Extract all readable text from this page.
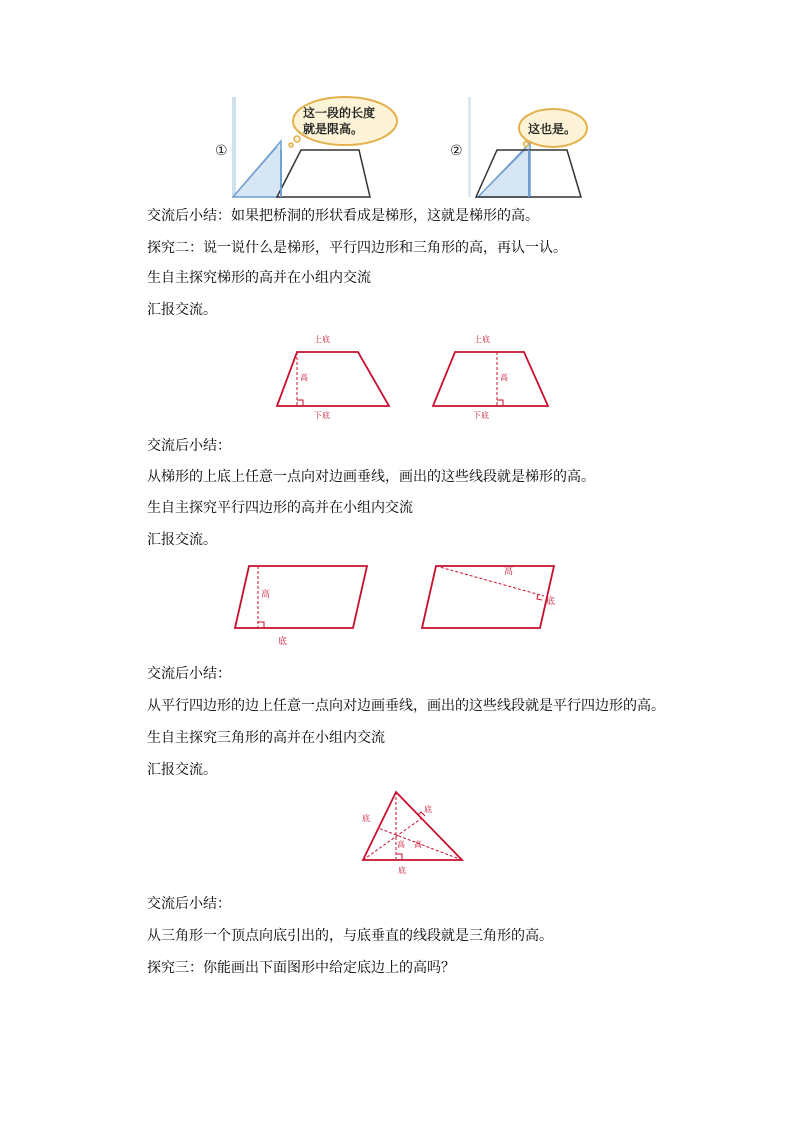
①
这一段的长度
就是限高。
②
这也是。
交流后小结：如果把桥洞的形状看成是梯形，这就是梯形的高。
探究二：说一说什么是梯形，平行四边形和三角形的高，再认一认。
生自主探究梯形的高并在小组内交流
汇报交流。
上底
高
下底
上底
高
下底
交流后小结：
从梯形的上底上任意一点向对边画垂线，画出的这些线段就是梯形的高。
生自主探究平行四边形的高并在小组内交流
汇报交流。
高
底
高
底
交流后小结：
从平行四边形的边上任意一点向对边画垂线，画出的这些线段就是平行四边形的高。
生自主探究三角形的高并在小组内交流
汇报交流。
底
底
高 高
底
交流后小结：
从三角形一个顶点向底引出的，与底垂直的线段就是三角形的高。
探究三：你能画出下面图形中给定底边上的高吗？
